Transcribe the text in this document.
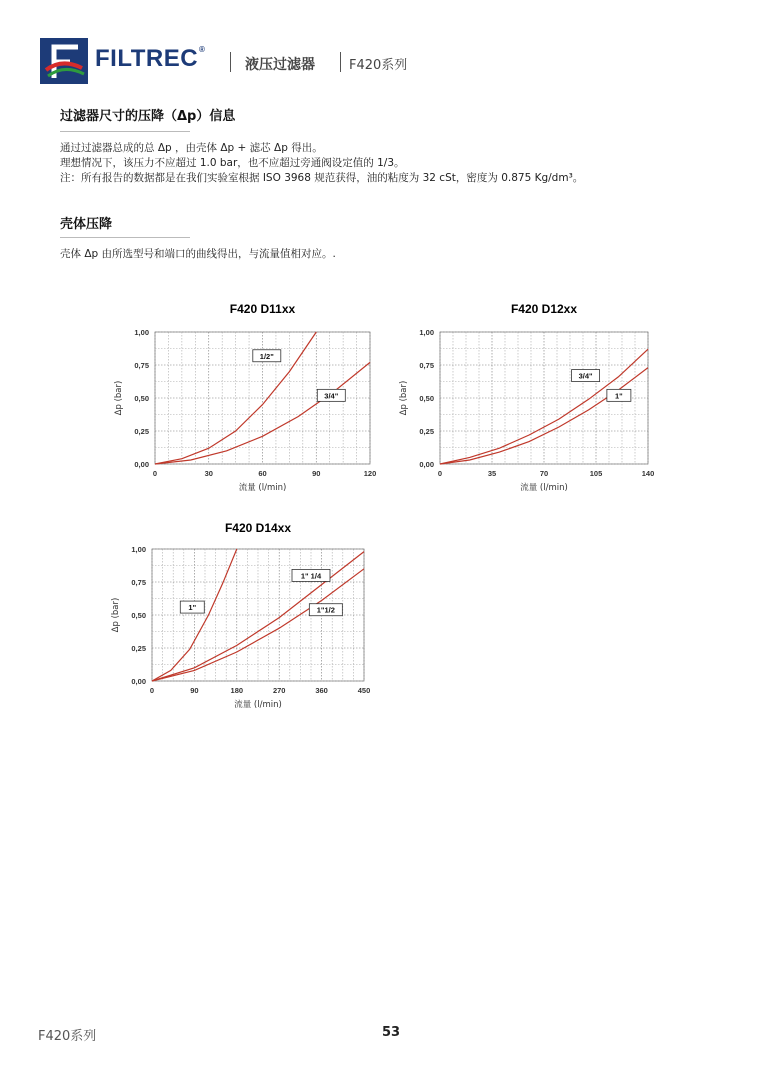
FILTREC®
液压过滤器	F420系列
过滤器尺寸的压降（Δp）信息
通过过滤器总成的总 Δp ，由壳体 Δp + 滤芯 Δp 得出。
理想情况下，该压力不应超过 1.0 bar，也不应超过旁通阀设定值的 1/3。
注：所有报告的数据都是在我们实验室根据 ISO 3968 规范获得，油的粘度为 32 cSt，密度为 0.875 Kg/dm³。
壳体压降
壳体 Δp 由所选型号和端口的曲线得出，与流量值相对应。.
F420 D11xx
0	30	60	90	120
0,00
0,25
0,50
0,75
1,00
流量 (l/min)
Δp (bar)
1/2"
3/4"
F420 D12xx
0	35	70	105	140
0,00
0,25
0,50
0,75
1,00
流量 (l/min)
Δp (bar)
3/4"
1"
F420 D14xx
0	90	180	270	360	450
0,00
0,25
0,50
0,75
1,00
流量 (l/min)
Δp (bar)	1"
1" 1/4
1"1/2
F420系列	53
